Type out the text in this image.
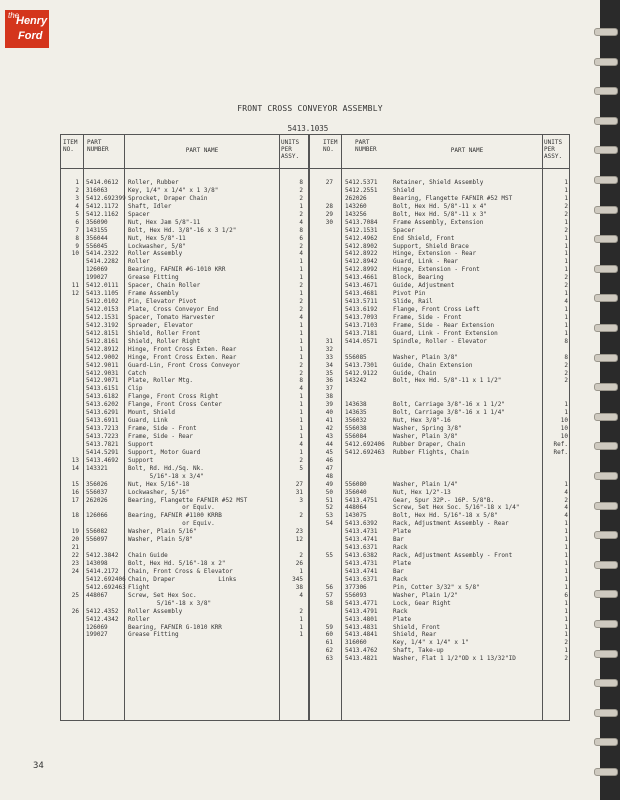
the
Henry
Ford
FRONT CROSS CONVEYOR ASSEMBLY
5413.1035
ITEM NO.
PART NUMBER	PART NAME
UNITS PER ASSY.
ITEM NO.
PART NUMBER	PART NAME
UNITS PER ASSY.
1 5414.0612 Roller, Rubber	8
2 316063	Key, 1/4" x 1/4" x 1 3/8"	2
3 5412.692399 Sprocket, Draper Chain	2
4 5412.1172 Shaft, Idler	1
5 5412.1162 Spacer	2
6 356090	Nut, Hex Jam 5/8"-11	4
7 143155	Bolt, Hex Hd. 3/8"-16 x 3 1/2"	8
8 356044	Nut, Hex 5/8"-11	6
9 556045	Lockwasher, 5/8"	2
10 5414.2322 Roller Assembly	4
5414.2282 Roller	1
126069	Bearing, FAFNIR #G-1010 KRR	1
199027	Grease Fitting	1
11 5412.0111 Spacer, Chain Roller	2
12 5413.1105 Frame Assembly	1
5412.0102 Pin, Elevator Pivot	2
5412.0153 Plate, Cross Conveyor End	2
5412.1531 Spacer, Tomato Harvester	4
5412.3192 Spreader, Elevator	1
5412.8151 Shield, Roller Front	1
5412.8161 Shield, Roller Right	1
5412.8912 Hinge, Front Cross Exten. Rear	1
5412.9002 Hinge, Front Cross Exten. Rear	1
5412.9011 Guard-Lin, Front Cross Conveyor	2
5412.9031 Catch	2
5412.9071 Plate, Roller Mtg.	8
5413.6151 Clip	4
5413.6182 Flange, Front Cross Right	1
5413.6202 Flange, Front Cross Center	1
5413.6291 Mount, Shield	1
5413.6911 Guard, Link	1
5413.7213 Frame, Side - Front	1
5413.7223 Frame, Side - Rear	1
5413.7821 Support	4
5414.5291 Support, Motor Guard	1
13 5413.4692 Support	2
14 143321	Bolt, Rd. Hd./Sq. Nk.	5
5/16"-18 x 3/4"
15 356026	Nut, Hex 5/16"-18	27
16 556037	Lockwasher, 5/16"	31
17 262026	Bearing, Flangette FAFNIR #52 MST	3
or Equiv.
18 126066	Bearing, FAFNIR #1100 KRRB	2
or Equiv.
19 556082	Washer, Plain 5/16"	23
20 556097	Washer, Plain 5/8"	12
21
22 5412.3842 Chain Guide	2
23 143098	Bolt, Hex Hd. 5/16"-18 x 2"	26
24 5414.2172 Chain, Front Cross & Elevator	1
5412.692406 Chain, Draper            Links	345
5412.692463 Flight	38
25 448067	Screw, Set Hex Soc.	4
5/16"-18 x 3/8"
26 5412.4352 Roller Assembly	2
5412.4342 Roller	1
126069	Bearing, FAFNIR G-1010 KRR	1
199027	Grease Fitting	1
27 5412.5371	Retainer, Shield Assembly	1
5412.2551	Shield	1
262026	Bearing, Flangette FAFNIR #52 MST	1
28 143260	Bolt, Hex Hd. 5/8"-11 x 4"	2
29 143256	Bolt, Hex Hd. 5/8"-11 x 3"	2
30 5413.7084	Frame Assembly, Extension	1
5412.1531	Spacer	2
5412.4962	End Shield, Front	1
5412.8902	Support, Shield Brace	1
5412.8922	Hinge, Extension - Rear	1
5412.8942	Guard, Link - Rear	1
5412.8992	Hinge, Extension - Front	1
5413.4661	Block, Bearing	2
5413.4671	Guide, Adjustment	2
5413.4681	Pivot Pin	1
5413.5711	Slide, Rail	4
5413.6192	Flange, Front Cross Left	1
5413.7093	Frame, Side - Front	1
5413.7103	Frame, Side - Rear Extension	1
5413.7181	Guard, Link - Front Extension	1
31 5414.0571	Spindle, Roller - Elevator	8
32
33 556085	Washer, Plain 3/8"	8
34 5413.7301	Guide, Chain Extension	2
35 5412.9122	Guide, Chain	2
36 143242	Bolt, Hex Hd. 5/8"-11 x 1 1/2"	2
37
38
39 143638	Bolt, Carriage 3/8"-16 x 1 1/2"	1
40 143635	Bolt, Carriage 3/8"-16 x 1 1/4"	1
41 356032	Nut, Hex 3/8"-16	10
42 556038	Washer, Spring 3/8"	10
43 556084	Washer, Plain 3/8"	10
44 5412.692406 Rubber Draper, Chain	Ref.
45 5412.692463 Rubber Flights, Chain	Ref.
46
47
48
49 556080	Washer, Plain 1/4"	1
50 356040	Nut, Hex 1/2"-13	4
51 5413.4751	Gear, Spur 32P.- 16P. 5/8"B.	2
52 448064	Screw, Set Hex Soc. 5/16"-18 x 1/4"	4
53 143075	Bolt, Hex Hd. 5/16"-18 x 5/8"	4
54 5413.6392	Rack, Adjustment Assembly - Rear	1
5413.4731	Plate	1
5413.4741	Bar	1
5413.6371	Rack	1
55 5413.6382	Rack, Adjustment Assembly - Front	1
5413.4731	Plate	1
5413.4741	Bar	1
5413.6371	Rack	1
56 377306	Pin, Cotter 3/32" x 5/8"	1
57 556093	Washer, Plain 1/2"	6
58 5413.4771	Lock, Gear Right	1
5413.4791	Rack	1
5413.4801	Plate	1
59 5413.4831	Shield, Front	1
60 5413.4841	Shield, Rear	1
61 316060	Key, 1/4" x 1/4" x 1"	2
62 5413.4762	Shaft, Take-up	1
63 5413.4821	Washer, Flat 1 1/2"OD x 1 13/32"ID	2
34
